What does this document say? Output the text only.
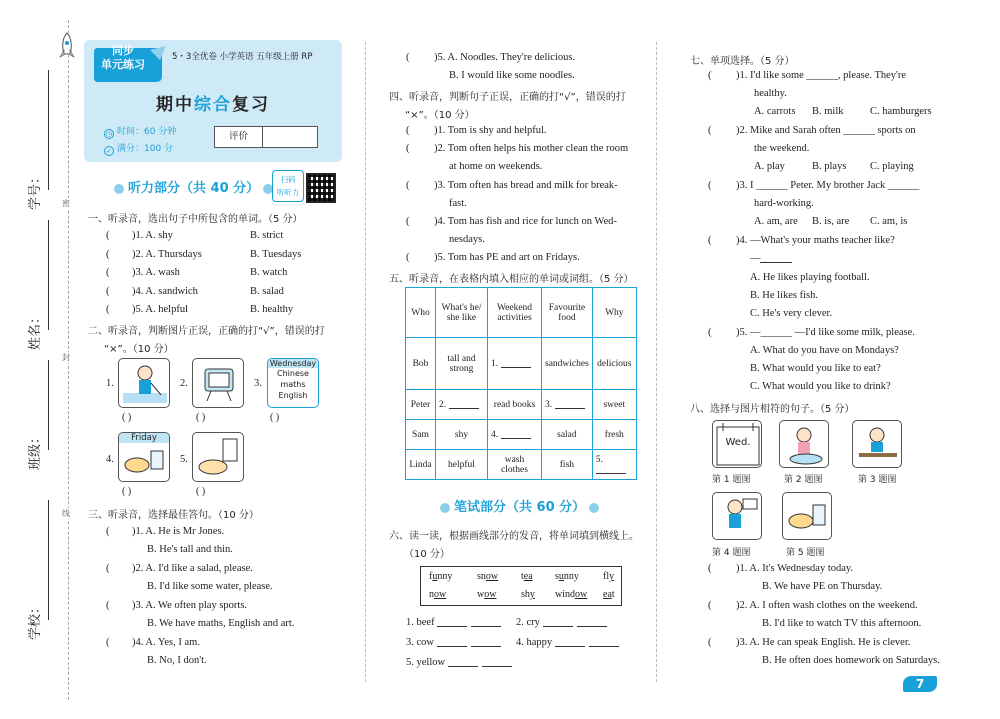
学号：
姓名：
班级：
学校：
密
封
线
同步
单元练习
5・3全优卷 小学英语 五年级上册 RP
期中综合复习
◷ 时间：60 分钟
✓ 满分：100 分
评价
听力部分（共 40 分）
扫码
听听力
一、听录音，选出句子中所包含的单词。（5 分）
( )1. A. shy	B. strict
( )2. A. Thursdays	B. Tuesdays
( )3. A. wash	B. watch
( )4. A. sandwich	B. salad
( )5. A. helpful	B. healthy
二、听录音，判断图片正误，正确的打“√”，错误的打
“×”。（10 分）
1.
( )
2.
( )
3.
Wednesday
Chinese
maths
English
( )
4.
Friday
( )
5.
( )
三、听录音，选择最佳答句。（10 分）
( )1. A. He is Mr Jones.
B. He's tall and thin.
( )2. A. I'd like a salad, please.
B. I'd like some water, please.
( )3. A. We often play sports.
B. We have maths, English and art.
( )4. A. Yes, I am.
B. No, I don't.
( )5. A. Noodles. They're delicious.
B. I would like some noodles.
四、听录音，判断句子正误，正确的打“√”，错误的打
“×”。（10 分）
( )1. Tom is shy and helpful.
( )2. Tom often helps his mother clean the room
at home on weekends.
( )3. Tom often has bread and milk for break-
fast.
( )4. Tom has fish and rice for lunch on Wed-
nesdays.
( )5. Tom has PE and art on Fridays.
五、听录音，在表格内填入相应的单词或词组。（5 分）
Who	What's he/ she like	Weekend activities	Favourite food	Why
Bob	tall and strong	1.	sandwiches	delicious
Peter	2.	read books	3.	sweet
Sam	shy	4.	salad	fresh
Linda	helpful	wash clothes	fish	5.
笔试部分（共 60 分）
六、读一读，根据画线部分的发音，将单词填到横线上。
（10 分）
funny snow tea sunny fly
now	wow shy window eat
1. beef	2. cry
3. cow	4. happy
5. yellow
七、单项选择。（5 分）
( )1. I'd like some ______, please. They're
healthy.
A. carrots B. milk	C. hamburgers
( )2. Mike and Sarah often ______ sports on
the weekend.
A. play	B. plays C. playing
( )3. I ______ Peter. My brother Jack ______
hard-working.
A. am, are B. is, are C. am, is
( )4. —What's your maths teacher like?
—
A. He likes playing football.
B. He likes fish.
C. He's very clever.
( )5. —______ —I'd like some milk, please.
A. What do you have on Mondays?
B. What would you like to eat?
C. What would you like to drink?
八、选择与图片相符的句子。（5 分）
Wed.
第 1 题图	第 2 题图	第 3 题图
第 4 题图	第 5 题图
( )1. A. It's Wednesday today.
B. We have PE on Thursday.
( )2. A. I often wash clothes on the weekend.
B. I'd like to watch TV this afternoon.
( )3. A. He can speak English. He is clever.
B. He often does homework on Saturdays.
7
